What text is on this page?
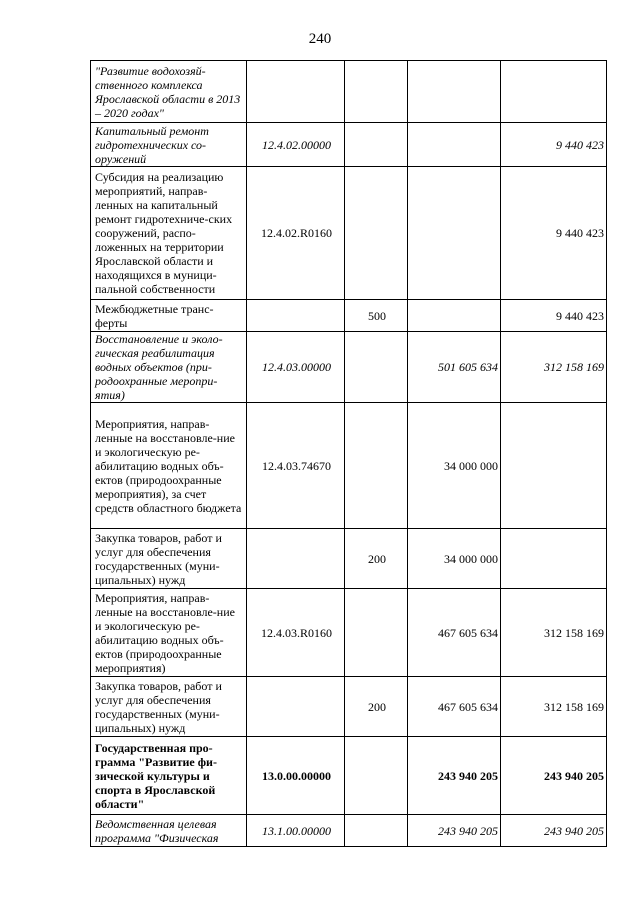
240
"Развитие водохозяй-ственного комплекса Ярославской области в 2013 – 2020 годах"				
Капитальный ремонт гидротехнических со-оружений	12.4.02.00000			9 440 423
Субсидия на реализацию мероприятий, направ-ленных на капитальный ремонт гидротехниче-ских сооружений, распо-ложенных на территории Ярославской области и находящихся в муници-пальной собственности	12.4.02.R0160			9 440 423
Межбюджетные транс-ферты		500		9 440 423
Восстановление и эколо-гическая реабилитация водных объектов (при-родоохранные меропри-ятия)	12.4.03.00000		501 605 634	312 158 169
Мероприятия, направ-ленные на восстановле-ние и экологическую ре-абилитацию водных объ-ектов (природоохранные мероприятия), за счет средств областного бюджета	12.4.03.74670		34 000 000	
Закупка товаров, работ и услуг для обеспечения государственных (муни-ципальных) нужд		200	34 000 000	
Мероприятия, направ-ленные на восстановле-ние и экологическую ре-абилитацию водных объ-ектов (природоохранные мероприятия)	12.4.03.R0160		467 605 634	312 158 169
Закупка товаров, работ и услуг для обеспечения государственных (муни-ципальных) нужд		200	467 605 634	312 158 169
Государственная про-грамма "Развитие фи-зической культуры и спорта в Ярославской области"	13.0.00.00000		243 940 205	243 940 205
Ведомственная целевая программа "Физическая	13.1.00.00000		243 940 205	243 940 205
